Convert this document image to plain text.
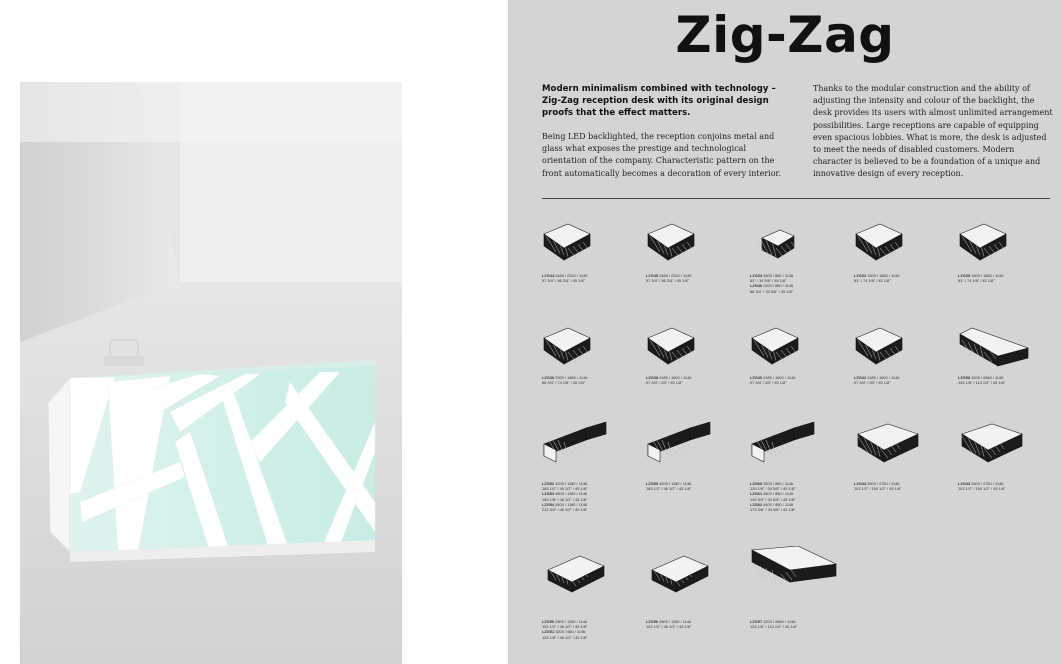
Zig-Zag
Modern minimalism combined with technology – Zig-Zag reception desk with its original design proofs that the effect matters.
Being LED backlighted, the reception conjoins metal and glass what exposes the prestige and technological orientation of the company. Characteristic pattern on the front automatically becomes a decoration of every interior.
Thanks to the modular construction and the ability of adjusting the intensity and colour of the backlight, the desk provides its users with almost unlimited arrangement possibilities. Large receptions are capable of equipping even spacious lobbies. What is more, the desk is adjusted to meet the needs of disabled customers. Modern character is believed to be a foundation of a unique and innovative design of every reception.
LZG44 2480 / 2200 / 1146
97 3/4" / 86 3/4" / 45 1/8"
LZG45 2480 / 2200 / 1146
97 3/4" / 86 3/4" / 45 1/8"
LZG34 1600 / 880 / 1146
63" / 34 5/8" / 45 1/8"
LZG46 2200 / 880 / 1146
86 3/4" / 34 5/8" / 45 1/8"
LZG32 1600 / 1880 / 1146
63" / 74 1/8" / 45 1/8"
LZG35 1600 / 1880 / 1146
63" / 74 1/8" / 45 1/8"
LZG36 2200 / 1880 / 1146
86 3/4" / 74 1/8" / 45 1/8"
LZG38 2480 / 1600 / 1146
97 3/4" / 63" / 45 1/8"
LZG40 2480 / 1600 / 1146
97 3/4" / 63" / 45 1/8"
LZG42 2480 / 1600 / 1146
97 3/4" / 63" / 45 1/8"
LZG58 3200 / 2880 / 1146
126 1/8" / 113 1/2" / 45 1/8"
LZG52 4200 / 1180 / 1146
165 1/2" / 46 1/2" / 45 1/8"
LZG53 4800 / 1180 / 1146
189 1/8" / 46 1/2" / 45 1/8"
LZG54 5400 / 1180 / 1146
212 3/4" / 46 1/2" / 45 1/8"
LZG55 4200 / 1180 / 1146
165 1/2" / 46 1/2" / 45 1/8"
LZG60 3200 / 880 / 1146
126 1/8" / 34 5/8" / 45 1/8"
LZG61 3800 / 880 / 1146
149 3/4" / 34 5/8" / 45 1/8"
LZG62 4400 / 880 / 1146
173 3/8" / 34 5/8" / 45 1/8"
LZG44 2600 / 2780 / 1146
102 1/2" / 109 1/2" / 45 1/8"
LZG43 2600 / 2780 / 1146
102 1/2" / 109 1/2" / 45 1/8"
LZG50 2600 / 1180 / 1146
102 1/2" / 46 1/2" / 45 1/8"
LZG51 3200 / 980 / 1146
126 1/8" / 46 1/2" / 45 1/8"
LZG56 2600 / 1180 / 1146
102 1/2" / 46 1/2" / 45 1/8"
LZG57 3200 / 2880 / 1146
126 1/8" / 113 1/2" / 45 1/8"
